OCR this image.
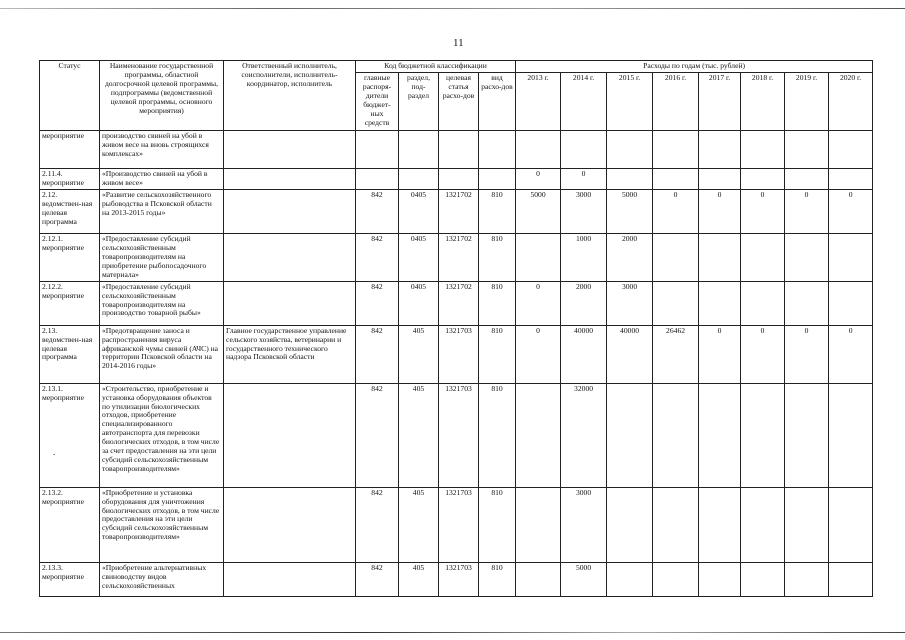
11
Статус	Наименование государственной программы, областной долгосрочной целевой программы, подпрограммы (ведомственной целевой программы, основного мероприятия)	Ответственный исполнитель, соисполнители, исполнитель-координатор, исполнитель	Код бюджетной классификации				Расходы по годам (тыс. рублей)							
			главные распоря-дители бюджет-ных средств	раздел, под-раздел	целевая статья расхо-дов	вид расхо-дов	2013 г.	2014 г.	2015 г.	2016 г.	2017 г.	2018 г.	2019 г.	2020 г.
мероприятие	производство свиней на убой в живом весе на вновь строящихся комплексах»													
2.11.4. мероприятие	«Производство свиней на убой в живом весе»						0	0						
2.12. ведомствен-ная целевая программа	«Развитие сельскохозяйственного рыбоводства в Псковской области на 2013-2015 годы»		842	0405	1321702	810	5000	3000	5000	0	0	0	0	0
2.12.1. мероприятие	«Предоставление субсидий сельскохозяйственным товаропроизводителям на приобретение рыбопосадочного материала»		842	0405	1321702	810		1000	2000					
2.12.2. мероприятие	«Предоставление субсидий сельскохозяйственным товаропроизводителям на производство товарной рыбы»		842	0405	1321702	810	0	2000	3000					
2.13. ведомствен-ная целевая программа	«Предотвращение заноса и распространения вируса африканской чумы свиней (АЧС) на территории Псковской области на 2014-2016 годы»	Главное государственное управление сельского хозяйства, ветеринарии и государственного технического надзора Псковской области	842	405	1321703	810	0	40000	40000	26462	0	0	0	0
2.13.1. мероприятие	«Строительство, приобретение и установка оборудования объектов по утилизации биологических отходов, приобретение специализированного автотранспорта для перевозки биологических отходов, в том числе за счет предоставления на эти цели субсидий сельскохозяйственным товаропроизводителям»		842	405	1321703	810		32000						
2.13.2. мероприятие	«Приобретение и установка оборудования для уничтожения биологических отходов, в том числе предоставления на эти цели субсидий сельскохозяйственным товаропроизводителям»		842	405	1321703	810		3000						
2.13.3. мероприятие	«Приобретение альтернативных свиноводству видов сельскохозяйственных		842	405	1321703	810		5000						
.
